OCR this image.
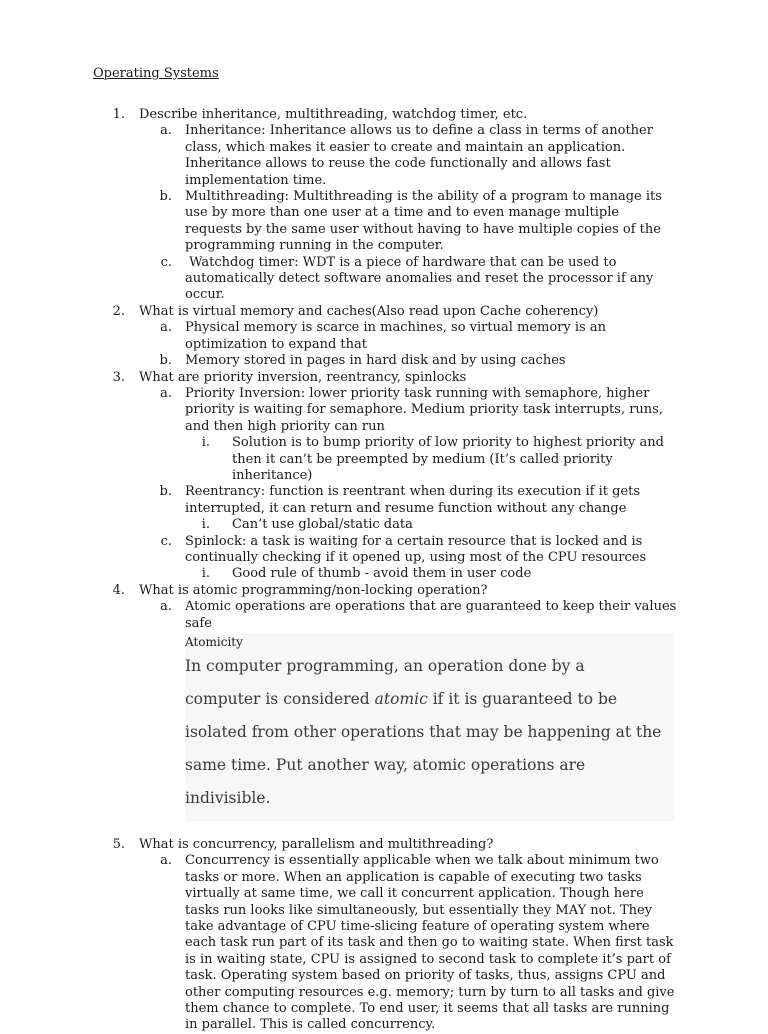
Operating Systems
1. Describe inheritance, multithreading, watchdog timer, etc.
a. Inheritance: Inheritance allows us to define a class in terms of another class, which makes it easier to create and maintain an application. Inheritance allows to reuse the code functionally and allows fast implementation time.
b. Multithreading: Multithreading is the ability of a program to manage its use by more than one user at a time and to even manage multiple requests by the same user without having to have multiple copies of the programming running in the computer.
c. Watchdog timer: WDT is a piece of hardware that can be used to automatically detect software anomalies and reset the processor if any occur.
2. What is virtual memory and caches(Also read upon Cache coherency)
a. Physical memory is scarce in machines, so virtual memory is an optimization to expand that
b. Memory stored in pages in hard disk and by using caches
3. What are priority inversion, reentrancy, spinlocks
a. Priority Inversion: lower priority task running with semaphore, higher priority is waiting for semaphore. Medium priority task interrupts, runs, and then high priority can run
i. Solution is to bump priority of low priority to highest priority and then it can’t be preempted by medium (It’s called priority inheritance)
b. Reentrancy: function is reentrant when during its execution if it gets interrupted, it can return and resume function without any change
i. Can’t use global/static data
c. Spinlock: a task is waiting for a certain resource that is locked and is continually checking if it opened up, using most of the CPU resources
i. Good rule of thumb - avoid them in user code
4. What is atomic programming/non-locking operation?
a. Atomic operations are operations that are guaranteed to keep their values safe
Atomicity
In computer programming, an operation done by a computer is considered atomic if it is guaranteed to be isolated from other operations that may be happening at the same time. Put another way, atomic operations are indivisible.
5. What is concurrency, parallelism and multithreading?
a. Concurrency is essentially applicable when we talk about minimum two tasks or more. When an application is capable of executing two tasks virtually at same time, we call it concurrent application. Though here tasks run looks like simultaneously, but essentially they MAY not. They take advantage of CPU time-slicing feature of operating system where each task run part of its task and then go to waiting state. When first task is in waiting state, CPU is assigned to second task to complete it’s part of task. Operating system based on priority of tasks, thus, assigns CPU and other computing resources e.g. memory; turn by turn to all tasks and give them chance to complete. To end user, it seems that all tasks are running in parallel. This is called concurrency.
